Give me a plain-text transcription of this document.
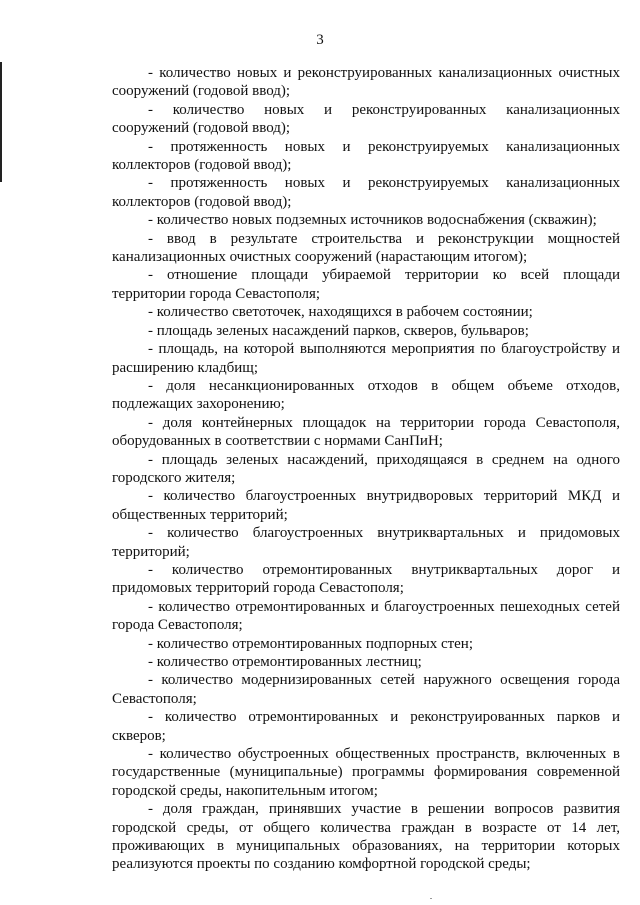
3

- количество новых и реконструированных канализационных очистных сооружений (годовой ввод);

- количество новых и реконструированных канализационных сооружений (годовой ввод);

- протяженность новых и реконструируемых канализационных коллекторов (годовой ввод);

- протяженность новых и реконструируемых канализационных коллекторов (годовой ввод);

- количество новых подземных источников водоснабжения (скважин);

- ввод в результате строительства и реконструкции мощностей канализационных очистных сооружений (нарастающим итогом);

- отношение площади убираемой территории ко всей площади территории города Севастополя;

- количество светоточек, находящихся в рабочем состоянии;

- площадь зеленых насаждений парков, скверов, бульваров;

- площадь, на которой выполняются мероприятия по благоустройству и расширению кладбищ;

- доля несанкционированных отходов в общем объеме отходов, подлежащих захоронению;

- доля контейнерных площадок на территории города Севастополя, оборудованных в соответствии с нормами СанПиН;

- площадь зеленых насаждений, приходящаяся в среднем на одного городского жителя;

- количество благоустроенных внутридворовых территорий МКД и общественных территорий;

- количество благоустроенных внутриквартальных и придомовых территорий;

- количество отремонтированных внутриквартальных дорог и придомовых территорий города Севастополя;

- количество отремонтированных и благоустроенных пешеходных сетей города Севастополя;

- количество отремонтированных подпорных стен;

- количество отремонтированных лестниц;

- количество модернизированных сетей наружного освещения города Севастополя;

- количество отремонтированных и реконструированных парков и скверов;

- количество обустроенных общественных пространств, включенных в государственные (муниципальные) программы формирования современной городской среды, накопительным итогом;

- доля граждан, принявших участие в решении вопросов развития городской среды, от общего количества граждан в возрасте от 14 лет, проживающих в муниципальных образованиях, на территории которых реализуются проекты по созданию комфортной городской среды;
